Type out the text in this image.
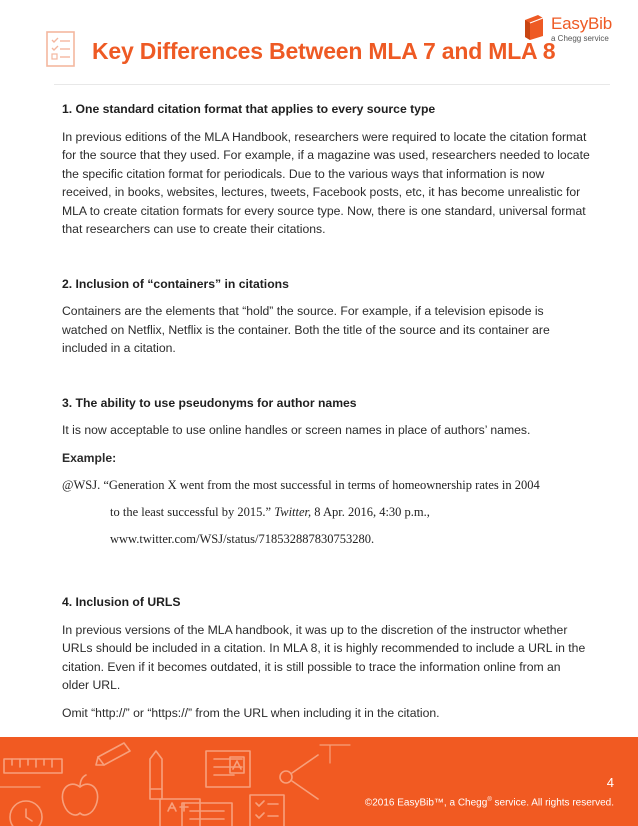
Key Differences Between MLA 7 and MLA 8
EasyBib
a Chegg service
1. One standard citation format that applies to every source type

In previous editions of the MLA Handbook, researchers were required to locate the citation format for the source that they used. For example, if a magazine was used, researchers needed to locate the specific citation format for periodicals. Due to the various ways that information is now received, in books, websites, lectures, tweets, Facebook posts, etc, it has become unrealistic for MLA to create citation formats for every source type. Now, there is one standard, universal format that researchers can use to create their citations.

2. Inclusion of “containers” in citations

Containers are the elements that “hold” the source. For example, if a television episode is watched on Netflix, Netflix is the container. Both the title of the source and its container are included in a citation.

3. The ability to use pseudonyms for author names

It is now acceptable to use online handles or screen names in place of authors’ names.

Example:

@WSJ. “Generation X went from the most successful in terms of homeownership rates in 2004
to the least successful by 2015.” Twitter, 8 Apr. 2016, 4:30 p.m.,
www.twitter.com/WSJ/status/718532887830753280.
4. Inclusion of URLS

In previous versions of the MLA handbook, it was up to the discretion of the instructor whether URLs should be included in a citation. In MLA 8, it is highly recommended to include a URL in the citation. Even if it becomes outdated, it is still possible to trace the information online from an older URL.

Omit “http://” or “https://” from the URL when including it in the citation.

4
©2016 EasyBib™, a Chegg® service. All rights reserved.
